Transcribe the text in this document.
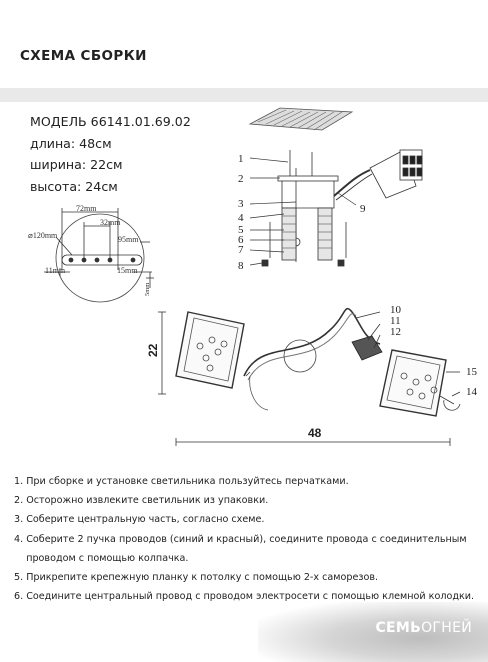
СХЕМА СБОРКИ
МОДЕЛЬ 66141.01.69.02
длина: 48см
ширина: 22см
высота: 24см
⌀120mm
72mm
32mm
95mm
11mm	15mm
5mm
1
2
3
4
5
6
7
8
9
10
11
12
15
14
22
48
1. При сборке и установке светильника пользуйтесь перчатками.
2. Осторожно извлеките светильник из упаковки.
3. Соберите центральную часть, согласно схеме.
4. Соберите 2 пучка проводов (синий и красный), соедините провода с соединительным
проводом с помощью колпачка.
5. Прикрепите крепежную планку к потолку с помощью 2-х саморезов.
6. Соедините центральный провод с проводом электросети с помощью клемной колодки.
СЕМЬОГНЕЙ
